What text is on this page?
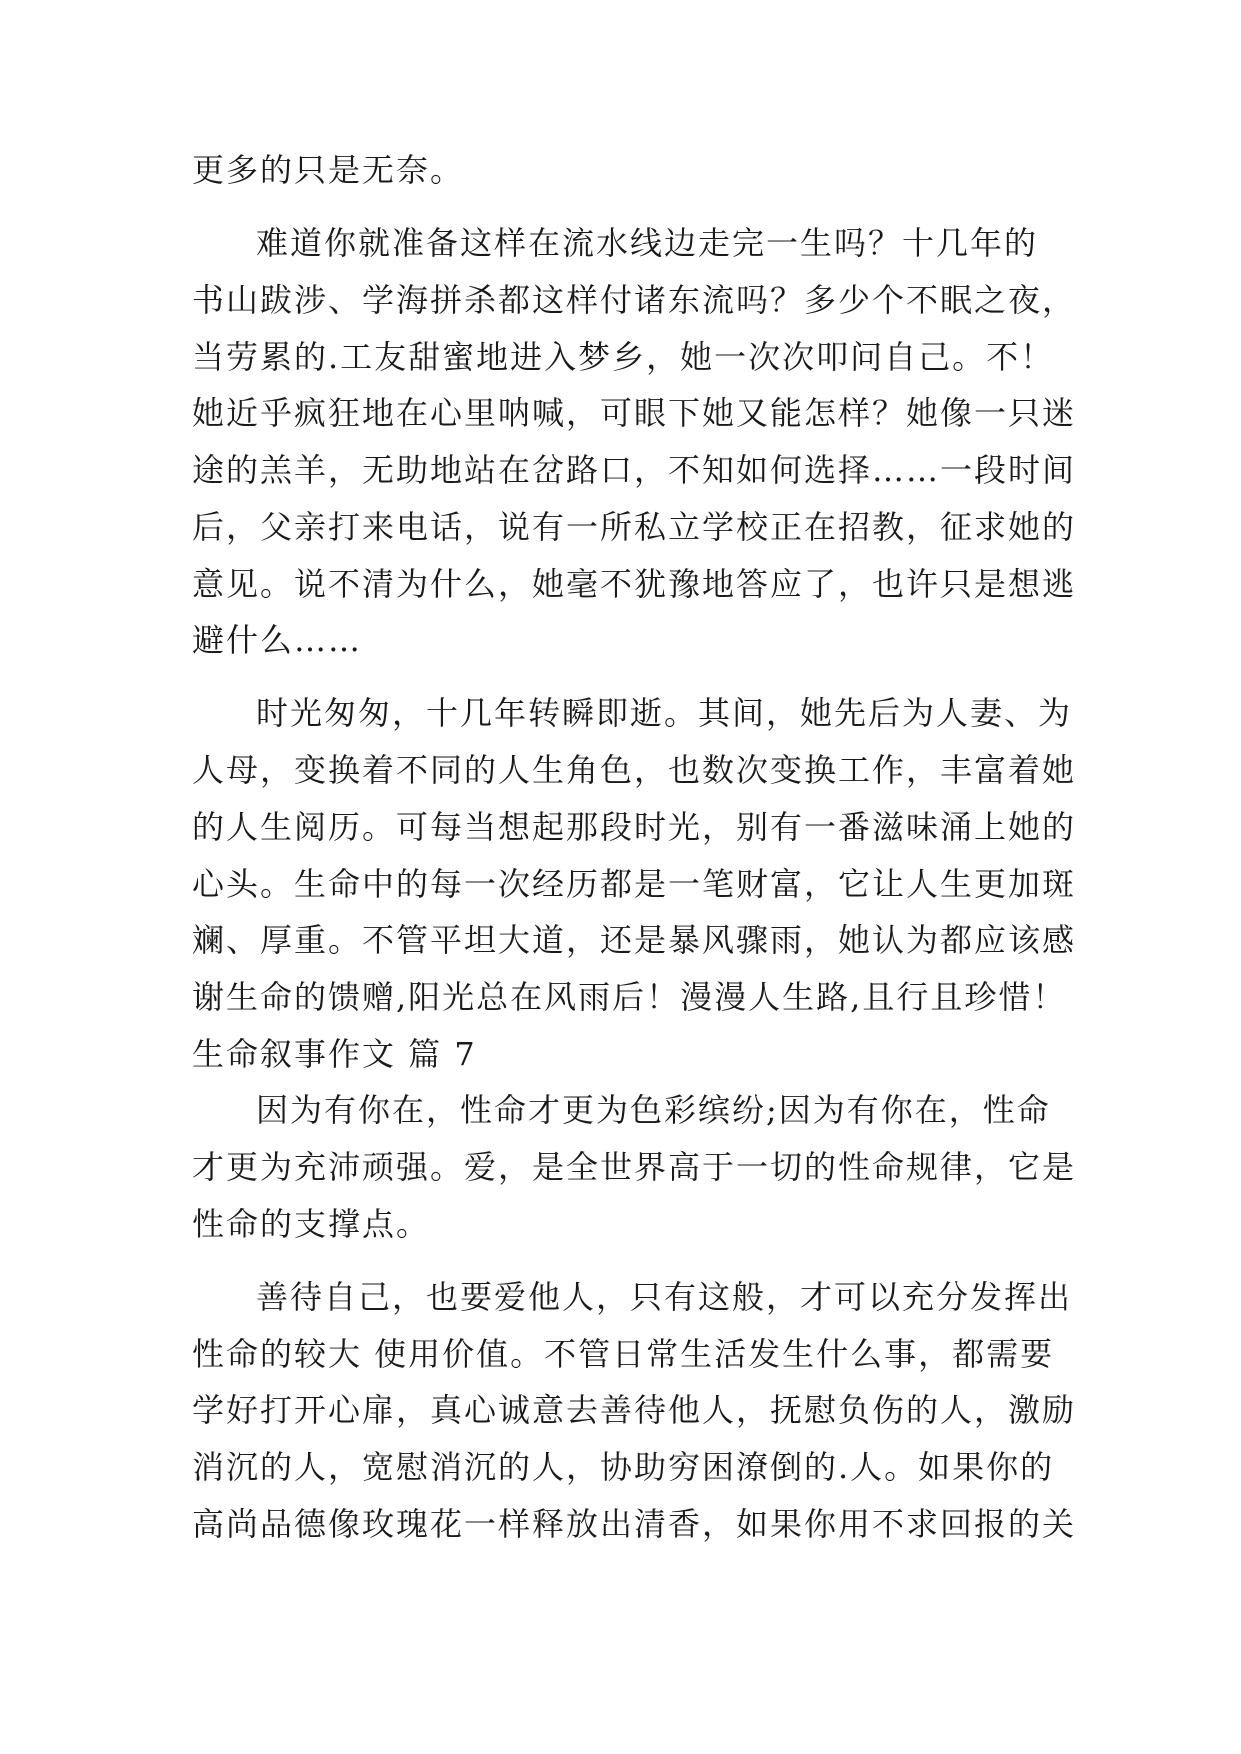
更多的只是无奈。
难道你就准备这样在流水线边走完一生吗？十几年的
书山跋涉、学海拼杀都这样付诸东流吗？多少个不眠之夜，
当劳累的.工友甜蜜地进入梦乡，她一次次叩问自己。不！
她近乎疯狂地在心里呐喊，可眼下她又能怎样？她像一只迷
途的羔羊，无助地站在岔路口，不知如何选择……一段时间
后，父亲打来电话，说有一所私立学校正在招教，征求她的
意见。说不清为什么，她毫不犹豫地答应了，也许只是想逃
避什么……
时光匆匆，十几年转瞬即逝。其间，她先后为人妻、为
人母，变换着不同的人生角色，也数次变换工作，丰富着她
的人生阅历。可每当想起那段时光，别有一番滋味涌上她的
心头。生命中的每一次经历都是一笔财富，它让人生更加斑
斓、厚重。不管平坦大道，还是暴风骤雨，她认为都应该感
谢生命的馈赠,阳光总在风雨后！漫漫人生路,且行且珍惜！
生命叙事作文 篇 7
因为有你在，性命才更为色彩缤纷;因为有你在，性命
才更为充沛顽强。爱，是全世界高于一切的性命规律，它是
性命的支撑点。
善待自己，也要爱他人，只有这般，才可以充分发挥出
性命的较大 使用价值。不管日常生活发生什么事，都需要
学好打开心扉，真心诚意去善待他人，抚慰负伤的人，激励
消沉的人，宽慰消沉的人，协助穷困潦倒的.人。如果你的
高尚品德像玫瑰花一样释放出清香，如果你用不求回报的关
